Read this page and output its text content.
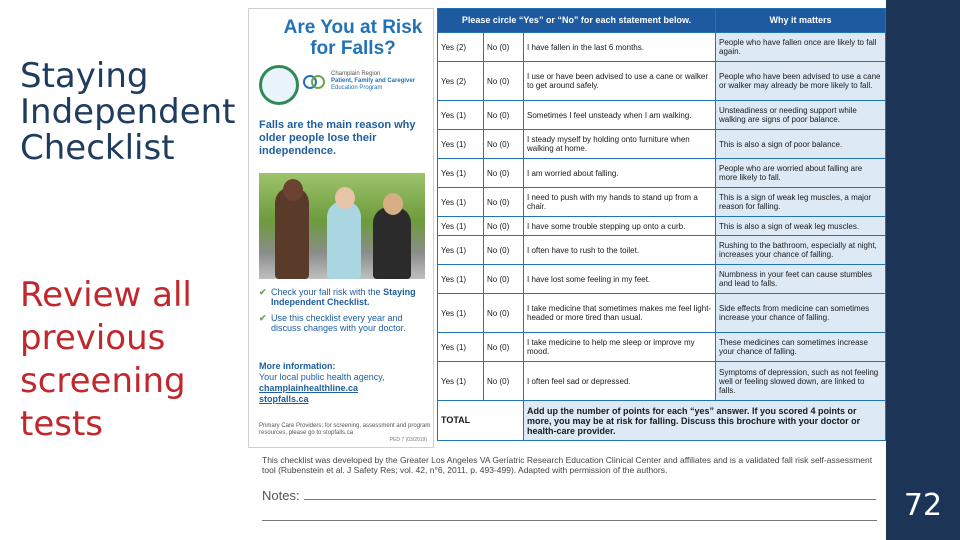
Staying
Independent
Checklist
Review all
previous
screening
tests
72
Are You at Risk
for Falls?
Champlain Region
Patient, Family and Caregiver
Education Program
Falls are the main reason why older people lose their independence.
✔ Check your fall risk with the Staying Independent Checklist.
✔ Use this checklist every year and discuss changes with your doctor.
More information:
Your local public health agency,
champlainhealthline.ca
stopfalls.ca
Primary Care Providers: for screening, assessment and program resources, please go to stopfalls.ca
PED 7 (03/2019)
Please circle “Yes” or “No” for each statement below.			Why it matters
Yes (2)	No (0)	I have fallen in the last 6 months.	People who have fallen once are likely to fall again.
Yes (2)	No (0)	I use or have been advised to use a cane or walker to get around safely.	People who have been advised to use a cane or walker may already be more likely to fall.
Yes (1)	No (0)	Sometimes I feel unsteady when I am walking.	Unsteadiness or needing support while walking are signs of poor balance.
Yes (1)	No (0)	I steady myself by holding onto furniture when walking at home.	This is also a sign of poor balance.
Yes (1)	No (0)	I am worried about falling.	People who are worried about falling are more likely to fall.
Yes (1)	No (0)	I need to push with my hands to stand up from a chair.	This is a sign of weak leg muscles, a major reason for falling.
Yes (1)	No (0)	I have some trouble stepping up onto a curb.	This is also a sign of weak leg muscles.
Yes (1)	No (0)	I often have to rush to the toilet.	Rushing to the bathroom, especially at night, increases your chance of falling.
Yes (1)	No (0)	I have lost some feeling in my feet.	Numbness in your feet can cause stumbles and lead to falls.
Yes (1)	No (0)	I take medicine that sometimes makes me feel light-headed or more tired than usual.	Side effects from medicine can sometimes increase your chance of falling.
Yes (1)	No (0)	I take medicine to help me sleep or improve my mood.	These medicines can sometimes increase your chance of falling.
Yes (1)	No (0)	I often feel sad or depressed.	Symptoms of depression, such as not feeling well or feeling slowed down, are linked to falls.
TOTAL		Add up the number of points for each “yes” answer. If you scored 4 points or more, you may be at risk for falling. Discuss this brochure with your doctor or health-care provider.	
This checklist was developed by the Greater Los Angeles VA Geriatric Research Education Clinical Center and affiliates and is a validated fall risk self-assessment tool (Rubenstein et al. J Safety Res; vol. 42, n°6, 2011, p. 493-499). Adapted with permission of the authors.
Notes:
